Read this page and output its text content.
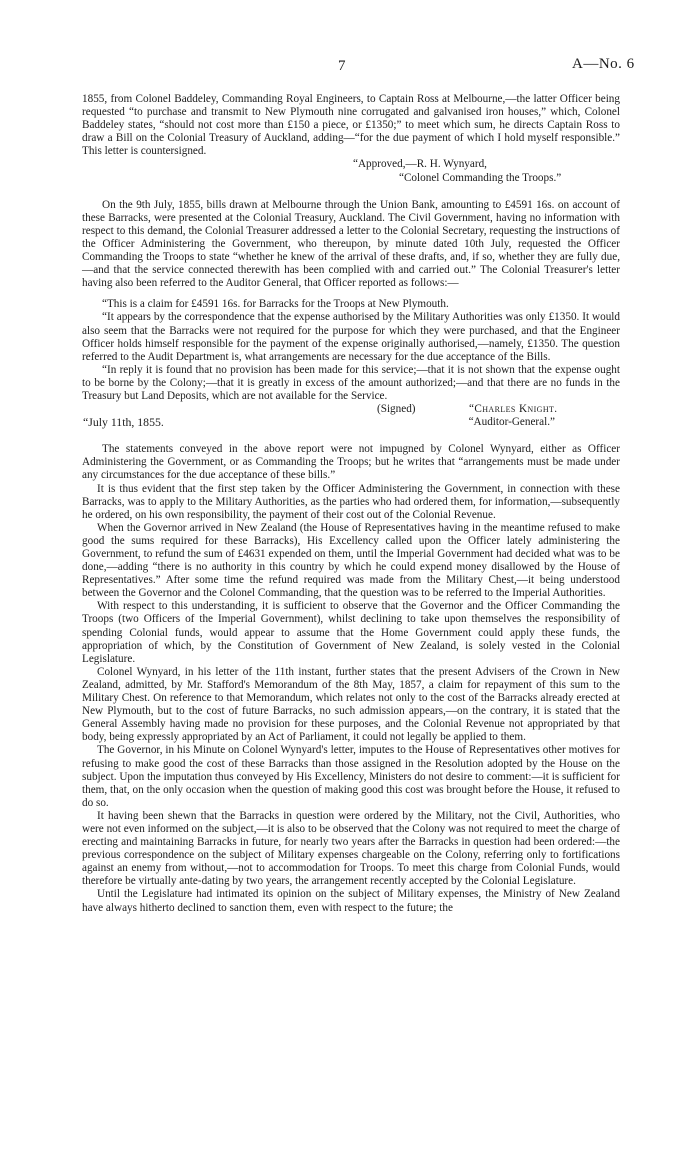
7	A—No. 6

1855, from Colonel Baddeley, Commanding Royal Engineers, to Captain Ross at Melbourne,—the latter Officer being requested “to purchase and transmit to New Plymouth nine corrugated and galvanised iron houses,” which, Colonel Baddeley states, “should not cost more than £150 a piece, or £1350;” to meet which sum, he directs Captain Ross to draw a Bill on the Colonial Treasury of Auckland, adding—“for the due payment of which I hold myself responsible.” This letter is countersigned.

“Approved,—R. H. Wynyard,
“Colonel Commanding the Troops.”

On the 9th July, 1855, bills drawn at Melbourne through the Union Bank, amounting to £4591 16s. on account of these Barracks, were presented at the Colonial Treasury, Auckland. The Civil Government, having no information with respect to this demand, the Colonial Treasurer addressed a letter to the Colonial Secretary, requesting the instructions of the Officer Administering the Government, who thereupon, by minute dated 10th July, requested the Officer Commanding the Troops to state “whether he knew of the arrival of these drafts, and, if so, whether they are fully due,—and that the service connected therewith has been complied with and carried out.” The Colonial Treasurer's letter having also been referred to the Auditor General, that Officer reported as follows:—

“This is a claim for £4591 16s. for Barracks for the Troops at New Plymouth.

“It appears by the correspondence that the expense authorised by the Military Authorities was only £1350. It would also seem that the Barracks were not required for the purpose for which they were purchased, and that the Engineer Officer holds himself responsible for the payment of the expense originally authorised,—namely, £1350. The question referred to the Audit Department is, what arrangements are necessary for the due acceptance of the Bills.

“In reply it is found that no provision has been made for this service;—that it is not shown that the expense ought to be borne by the Colony;—that it is greatly in excess of the amount authorized;—and that there are no funds in the Treasury but Land Deposits, which are not available for the Service.

(Signed)	“Charles Knight.
“July 11th, 1855.	“Auditor-General.”

The statements conveyed in the above report were not impugned by Colonel Wynyard, either as Officer Administering the Government, or as Commanding the Troops; but he writes that “arrangements must be made under any circumstances for the due acceptance of these bills.”

It is thus evident that the first step taken by the Officer Administering the Government, in connection with these Barracks, was to apply to the Military Authorities, as the parties who had ordered them, for information,—subsequently he ordered, on his own responsibility, the payment of their cost out of the Colonial Revenue.

When the Governor arrived in New Zealand (the House of Representatives having in the meantime refused to make good the sums required for these Barracks), His Excellency called upon the Officer lately administering the Government, to refund the sum of £4631 expended on them, until the Imperial Government had decided what was to be done,—adding “there is no authority in this country by which he could expend money disallowed by the House of Representatives.” After some time the refund required was made from the Military Chest,—it being understood between the Governor and the Colonel Commanding, that the question was to be referred to the Imperial Authorities.

With respect to this understanding, it is sufficient to observe that the Governor and the Officer Commanding the Troops (two Officers of the Imperial Government), whilst declining to take upon themselves the responsibility of spending Colonial funds, would appear to assume that the Home Government could apply these funds, the appropriation of which, by the Constitution of Government of New Zealand, is solely vested in the Colonial Legislature.

Colonel Wynyard, in his letter of the 11th instant, further states that the present Advisers of the Crown in New Zealand, admitted, by Mr. Stafford's Memorandum of the 8th May, 1857, a claim for repayment of this sum to the Military Chest. On reference to that Memorandum, which relates not only to the cost of the Barracks already erected at New Plymouth, but to the cost of future Barracks, no such admission appears,—on the contrary, it is stated that the General Assembly having made no provision for these purposes, and the Colonial Revenue not appropriated by that body, being expressly appropriated by an Act of Parliament, it could not legally be applied to them.

The Governor, in his Minute on Colonel Wynyard's letter, imputes to the House of Representatives other motives for refusing to make good the cost of these Barracks than those assigned in the Resolution adopted by the House on the subject. Upon the imputation thus conveyed by His Excellency, Ministers do not desire to comment:—it is sufficient for them, that, on the only occasion when the question of making good this cost was brought before the House, it refused to do so.

It having been shewn that the Barracks in question were ordered by the Military, not the Civil, Authorities, who were not even informed on the subject,—it is also to be observed that the Colony was not required to meet the charge of erecting and maintaining Barracks in future, for nearly two years after the Barracks in question had been ordered:—the previous correspondence on the subject of Military expenses chargeable on the Colony, referring only to fortifications against an enemy from without,—not to accommodation for Troops. To meet this charge from Colonial Funds, would therefore be virtually ante-dating by two years, the arrangement recently accepted by the Colonial Legislature.

Until the Legislature had intimated its opinion on the subject of Military expenses, the Ministry of New Zealand have always hitherto declined to sanction them, even with respect to the future; the
